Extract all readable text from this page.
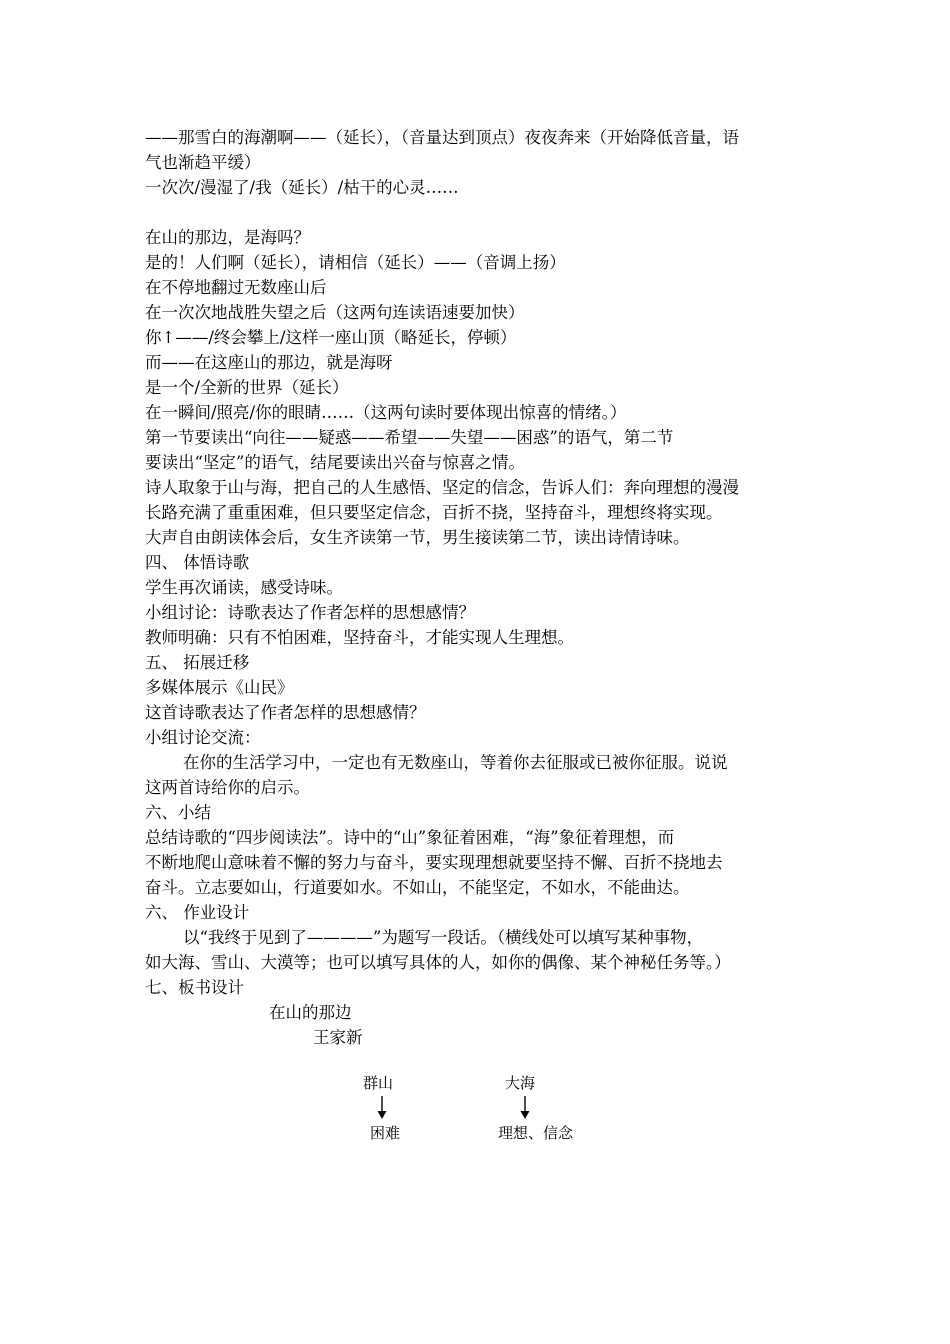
——那雪白的海潮啊——（延长），（音量达到顶点）夜夜奔来（开始降低音量，语
气也渐趋平缓）
一次次/漫湿了/我（延长）/枯干的心灵……
在山的那边，是海吗？
是的！人们啊（延长），请相信（延长）——（音调上扬）
在不停地翻过无数座山后
在一次次地战胜失望之后（这两句连读语速要加快）
你↑——/终会攀上/这样一座山顶（略延长，停顿）
而——在这座山的那边，就是海呀
是一个/全新的世界（延长）
在一瞬间/照亮/你的眼睛……（这两句读时要体现出惊喜的情绪。）
第一节要读出“向往——疑惑——希望——失望——困惑”的语气，第二节
要读出“坚定”的语气，结尾要读出兴奋与惊喜之情。
诗人取象于山与海，把自己的人生感悟、坚定的信念，告诉人们：奔向理想的漫漫
长路充满了重重困难，但只要坚定信念，百折不挠，坚持奋斗，理想终将实现。
大声自由朗读体会后，女生齐读第一节，男生接读第二节，读出诗情诗味。
四、 体悟诗歌
学生再次诵读，感受诗味。
小组讨论：诗歌表达了作者怎样的思想感情？
教师明确：只有不怕困难，坚持奋斗，才能实现人生理想。
五、 拓展迁移
多媒体展示《山民》
这首诗歌表达了作者怎样的思想感情？
小组讨论交流：
在你的生活学习中，一定也有无数座山，等着你去征服或已被你征服。说说
这两首诗给你的启示。
六、小结
总结诗歌的“四步阅读法”。诗中的“山”象征着困难，“海”象征着理想，而
不断地爬山意味着不懈的努力与奋斗，要实现理想就要坚持不懈、百折不挠地去
奋斗。立志要如山，行道要如水。不如山，不能坚定，不如水，不能曲达。
六、 作业设计
以“我终于见到了————”为题写一段话。（横线处可以填写某种事物，
如大海、雪山、大漠等；也可以填写具体的人，如你的偶像、某个神秘任务等。）
七、板书设计
在山的那边
王家新
群山
困难
大海
理想、信念
